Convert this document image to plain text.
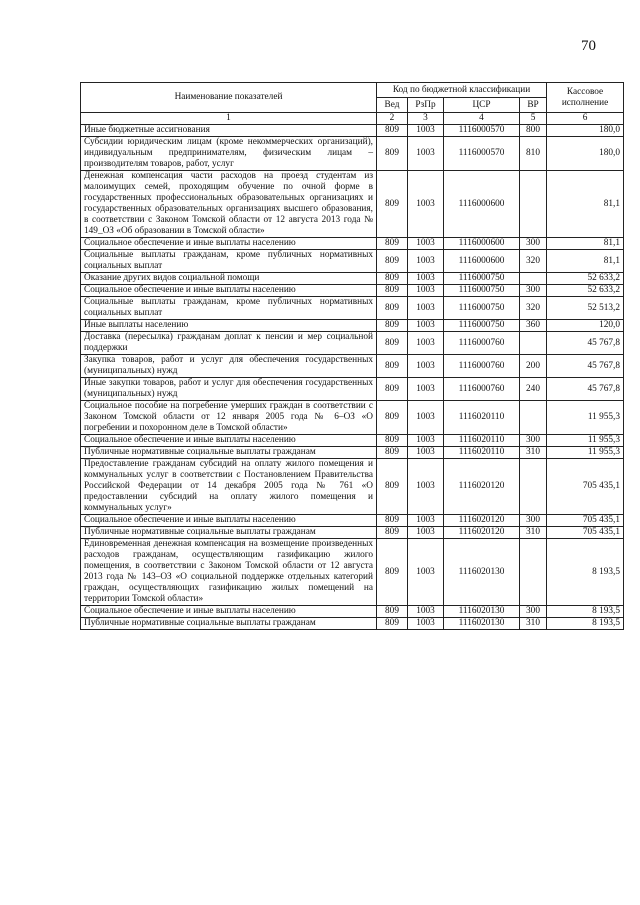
70
Наименование показателей	Код по бюджетной классификации				Кассовое исполнение
	Вед	РзПр	ЦСР	ВР	
1	2	3	4	5	6
Иные бюджетные ассигнования	809	1003	1116000570	800	180,0
Субсидии юридическим лицам (кроме некоммерческих организаций), индивидуальным предпринимателям, физическим лицам – производителям товаров, работ, услуг	809	1003	1116000570	810	180,0
Денежная компенсация части расходов на проезд студентам из малоимущих семей, проходящим обучение по очной форме в государственных профессиональных образовательных организациях и государственных образовательных организациях высшего образования, в соответствии с Законом Томской области от 12 августа 2013 года № 149_ОЗ «Об образовании в Томской области»	809	1003	1116000600		81,1
Социальное обеспечение и иные выплаты населению	809	1003	1116000600	300	81,1
Социальные выплаты гражданам, кроме публичных нормативных социальных выплат	809	1003	1116000600	320	81,1
Оказание других видов социальной помощи	809	1003	1116000750		52 633,2
Социальное обеспечение и иные выплаты населению	809	1003	1116000750	300	52 633,2
Социальные выплаты гражданам, кроме публичных нормативных социальных выплат	809	1003	1116000750	320	52 513,2
Иные выплаты населению	809	1003	1116000750	360	120,0
Доставка (пересылка) гражданам доплат к пенсии и мер социальной поддержки	809	1003	1116000760		45 767,8
Закупка товаров, работ и услуг для обеспечения государственных (муниципальных) нужд	809	1003	1116000760	200	45 767,8
Иные закупки товаров, работ и услуг для обеспечения государственных (муниципальных) нужд	809	1003	1116000760	240	45 767,8
Социальное пособие на погребение умерших граждан в соответствии с Законом Томской области от 12 января 2005 года № 6–ОЗ «О погребении и похоронном деле в Томской области»	809	1003	1116020110		11 955,3
Социальное обеспечение и иные выплаты населению	809	1003	1116020110	300	11 955,3
Публичные нормативные социальные выплаты гражданам	809	1003	1116020110	310	11 955,3
Предоставление гражданам субсидий на оплату жилого помещения и коммунальных услуг в соответствии с Постановлением Правительства Российской Федерации от 14 декабря 2005 года № 761 «О предоставлении субсидий на оплату жилого помещения и коммунальных услуг»	809	1003	1116020120		705 435,1
Социальное обеспечение и иные выплаты населению	809	1003	1116020120	300	705 435,1
Публичные нормативные социальные выплаты гражданам	809	1003	1116020120	310	705 435,1
Единовременная денежная компенсация на возмещение произведенных расходов гражданам, осуществляющим газификацию жилого помещения, в соответствии с Законом Томской области от 12 августа 2013 года № 143–ОЗ «О социальной поддержке отдельных категорий граждан, осуществляющих газификацию жилых помещений на территории Томской области»	809	1003	1116020130		8 193,5
Социальное обеспечение и иные выплаты населению	809	1003	1116020130	300	8 193,5
Публичные нормативные социальные выплаты гражданам	809	1003	1116020130	310	8 193,5
